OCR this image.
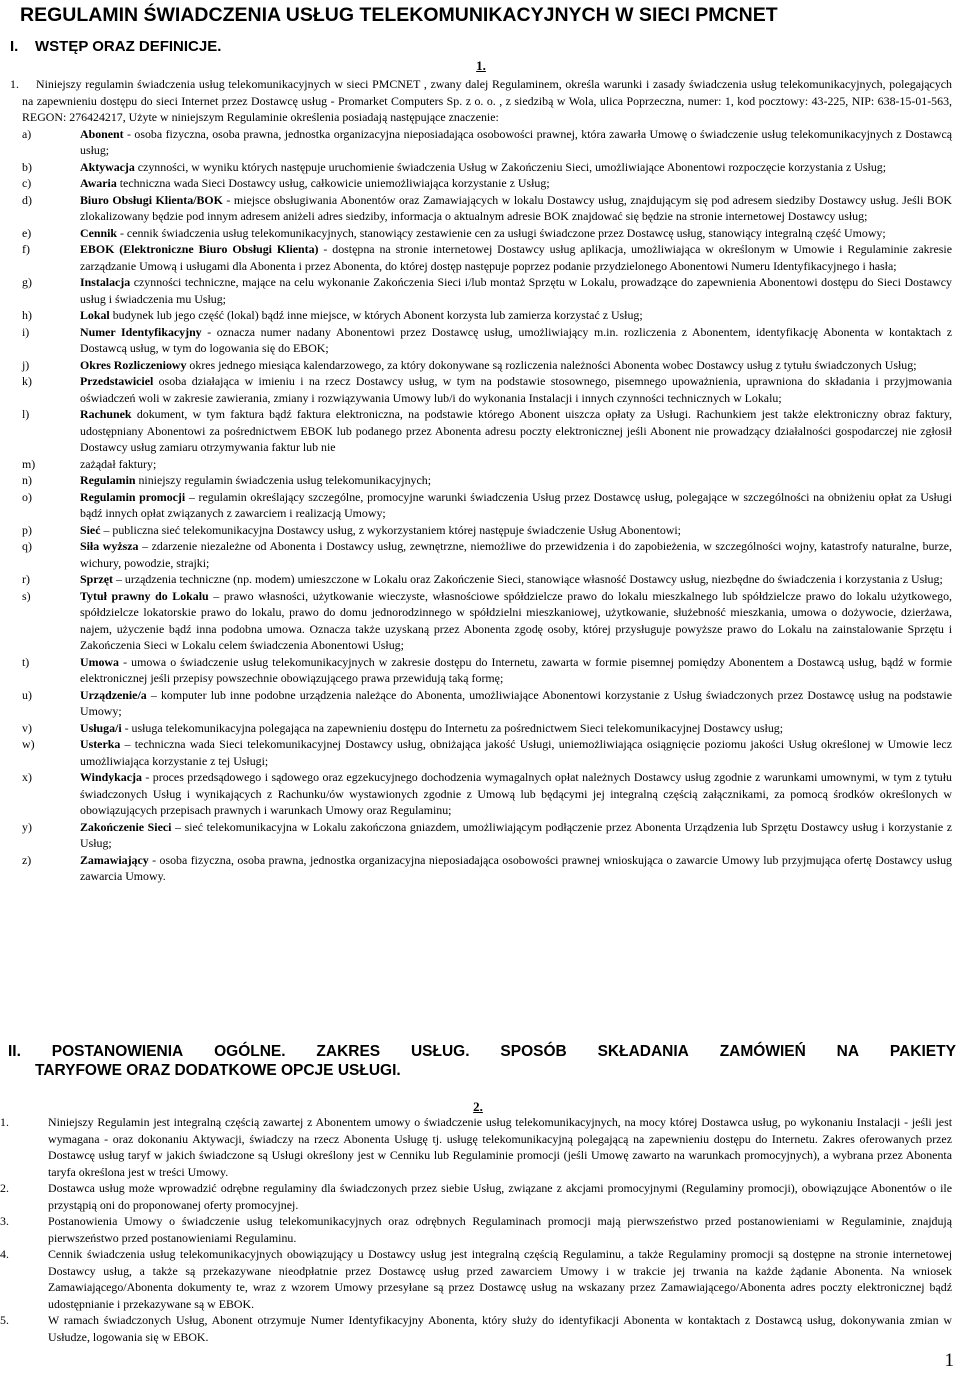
REGULAMIN ŚWIADCZENIA USŁUG TELEKOMUNIKACYJNYCH W SIECI PMCNET
I. WSTĘP ORAZ DEFINICJE.
1.

1. Niniejszy regulamin świadczenia usług telekomunikacyjnych w sieci PMCNET , zwany dalej Regulaminem, określa warunki i zasady świadczenia usług telekomunikacyjnych, polegających na zapewnieniu dostępu do sieci Internet przez Dostawcę usług - Promarket Computers Sp. z o. o. , z siedzibą w Wola, ulica Poprzeczna, numer: 1, kod pocztowy: 43-225, NIP: 638-15-01-563, REGON: 276424217, Użyte w niniejszym Regulaminie określenia posiadają następujące znaczenie:

a)	Abonent - osoba fizyczna, osoba prawna, jednostka organizacyjna nieposiadająca osobowości prawnej, która zawarła Umowę o świadczenie usług telekomunikacyjnych z Dostawcą usług;
b)	Aktywacja czynności, w wyniku których następuje uruchomienie świadczenia Usług w Zakończeniu Sieci, umożliwiające Abonentowi rozpoczęcie korzystania z Usług;
c)	Awaria techniczna wada Sieci Dostawcy usług, całkowicie uniemożliwiająca korzystanie z Usług;
d)	Biuro Obsługi Klienta/BOK - miejsce obsługiwania Abonentów oraz Zamawiających w lokalu Dostawcy usług, znajdującym się pod adresem siedziby Dostawcy usług. Jeśli BOK zlokalizowany będzie pod innym adresem aniżeli adres siedziby, informacja o aktualnym adresie BOK znajdować się będzie na stronie internetowej Dostawcy usług;
e)	Cennik - cennik świadczenia usług telekomunikacyjnych, stanowiący zestawienie cen za usługi świadczone przez Dostawcę usług, stanowiący integralną część Umowy;
f)	EBOK (Elektroniczne Biuro Obsługi Klienta) - dostępna na stronie internetowej Dostawcy usług aplikacja, umożliwiająca w określonym w Umowie i Regulaminie zakresie zarządzanie Umową i usługami dla Abonenta i przez Abonenta, do której dostęp następuje poprzez podanie przydzielonego Abonentowi Numeru Identyfikacyjnego i hasła;
g)	Instalacja czynności techniczne, mające na celu wykonanie Zakończenia Sieci i/lub montaż Sprzętu w Lokalu, prowadzące do zapewnienia Abonentowi dostępu do Sieci Dostawcy usług i świadczenia mu Usług;
h)	Lokal budynek lub jego część (lokal) bądź inne miejsce, w których Abonent korzysta lub zamierza korzystać z Usług;
i)	Numer Identyfikacyjny - oznacza numer nadany Abonentowi przez Dostawcę usług, umożliwiający m.in. rozliczenia z Abonentem, identyfikację Abonenta w kontaktach z Dostawcą usług, w tym do logowania się do EBOK;
j)	Okres Rozliczeniowy okres jednego miesiąca kalendarzowego, za który dokonywane są rozliczenia należności Abonenta wobec Dostawcy usług z tytułu świadczonych Usług;
k)	Przedstawiciel osoba działająca w imieniu i na rzecz Dostawcy usług, w tym na podstawie stosownego, pisemnego upoważnienia, uprawniona do składania i przyjmowania oświadczeń woli w zakresie zawierania, zmiany i rozwiązywania Umowy lub/i do wykonania Instalacji i innych czynności technicznych w Lokalu;
l)	Rachunek dokument, w tym faktura bądź faktura elektroniczna, na podstawie którego Abonent uiszcza opłaty za Usługi. Rachunkiem jest także elektroniczny obraz faktury, udostępniany Abonentowi za pośrednictwem EBOK lub podanego przez Abonenta adresu poczty elektronicznej jeśli Abonent nie prowadzący działalności gospodarczej nie zgłosił Dostawcy usług zamiaru otrzymywania faktur lub nie
m)	zażądał faktury;
n)	Regulamin niniejszy regulamin świadczenia usług telekomunikacyjnych;
o)	Regulamin promocji – regulamin określający szczególne, promocyjne warunki świadczenia Usług przez Dostawcę usług, polegające w szczególności na obniżeniu opłat za Usługi bądź innych opłat związanych z zawarciem i realizacją Umowy;
p)	Sieć – publiczna sieć telekomunikacyjna Dostawcy usług, z wykorzystaniem której następuje świadczenie Usług Abonentowi;
q)	Siła wyższa – zdarzenie niezależne od Abonenta i Dostawcy usług, zewnętrzne, niemożliwe do przewidzenia i do zapobieżenia, w szczególności wojny, katastrofy naturalne, burze, wichury, powodzie, strajki;
r)	Sprzęt – urządzenia techniczne (np. modem) umieszczone w Lokalu oraz Zakończenie Sieci, stanowiące własność Dostawcy usług, niezbędne do świadczenia i korzystania z Usług;
s)	Tytuł prawny do Lokalu – prawo własności, użytkowanie wieczyste, własnościowe spółdzielcze prawo do lokalu mieszkalnego lub spółdzielcze prawo do lokalu użytkowego, spółdzielcze lokatorskie prawo do lokalu, prawo do domu jednorodzinnego w spółdzielni mieszkaniowej, użytkowanie, służebność mieszkania, umowa o dożywocie, dzierżawa, najem, użyczenie bądź inna podobna umowa. Oznacza także uzyskaną przez Abonenta zgodę osoby, której przysługuje powyższe prawo do Lokalu na zainstalowanie Sprzętu i Zakończenia Sieci w Lokalu celem świadczenia Abonentowi Usług;
t)	Umowa - umowa o świadczenie usług telekomunikacyjnych w zakresie dostępu do Internetu, zawarta w formie pisemnej pomiędzy Abonentem a Dostawcą usług, bądź w formie elektronicznej jeśli przepisy powszechnie obowiązującego prawa przewidują taką formę;
u)	Urządzenie/a – komputer lub inne podobne urządzenia należące do Abonenta, umożliwiające Abonentowi korzystanie z Usług świadczonych przez Dostawcę usług na podstawie Umowy;
v)	Usługa/i - usługa telekomunikacyjna polegająca na zapewnieniu dostępu do Internetu za pośrednictwem Sieci telekomunikacyjnej Dostawcy usług;
w)	Usterka – techniczna wada Sieci telekomunikacyjnej Dostawcy usług, obniżająca jakość Usługi, uniemożliwiająca osiągnięcie poziomu jakości Usług określonej w Umowie lecz umożliwiająca korzystanie z tej Usługi;
x)	Windykacja - proces przedsądowego i sądowego oraz egzekucyjnego dochodzenia wymagalnych opłat należnych Dostawcy usług zgodnie z warunkami umownymi, w tym z tytułu świadczonych Usług i wynikających z Rachunku/ów wystawionych zgodnie z Umową lub będącymi jej integralną częścią załącznikami, za pomocą środków określonych w obowiązujących przepisach prawnych i warunkach Umowy oraz Regulaminu;
y)	Zakończenie Sieci – sieć telekomunikacyjna w Lokalu zakończona gniazdem, umożliwiającym podłączenie przez Abonenta Urządzenia lub Sprzętu Dostawcy usług i korzystanie z Usług;
z)	Zamawiający - osoba fizyczna, osoba prawna, jednostka organizacyjna nieposiadająca osobowości prawnej wnioskująca o zawarcie Umowy lub przyjmująca ofertę Dostawcy usług zawarcia Umowy.
II. POSTANOWIENIA OGÓLNE. ZAKRES USŁUG. SPOSÓB SKŁADANIA ZAMÓWIEŃ NA PAKIETY
TARYFOWE ORAZ DODATKOWE OPCJE USŁUGI.
2.

1.	Niniejszy Regulamin jest integralną częścią zawartej z Abonentem umowy o świadczenie usług telekomunikacyjnych, na mocy której Dostawca usług, po wykonaniu Instalacji - jeśli jest wymagana - oraz dokonaniu Aktywacji, świadczy na rzecz Abonenta Usługę tj. usługę telekomunikacyjną polegającą na zapewnieniu dostępu do Internetu. Zakres oferowanych przez Dostawcę usług taryf w jakich świadczone są Usługi określony jest w Cenniku lub Regulaminie promocji (jeśli Umowę zawarto na warunkach promocyjnych), a wybrana przez Abonenta taryfa określona jest w treści Umowy.

2.	Dostawca usług może wprowadzić odrębne regulaminy dla świadczonych przez siebie Usług, związane z akcjami promocyjnymi (Regulaminy promocji), obowiązujące Abonentów o ile przystąpią oni do proponowanej oferty promocyjnej.

3.	Postanowienia Umowy o świadczenie usług telekomunikacyjnych oraz odrębnych Regulaminach promocji mają pierwszeństwo przed postanowieniami w Regulaminie, znajdują pierwszeństwo przed postanowieniami Regulaminu.

4.	Cennik świadczenia usług telekomunikacyjnych obowiązujący u Dostawcy usług jest integralną częścią Regulaminu, a także Regulaminy promocji są dostępne na stronie internetowej Dostawcy usług, a także są przekazywane nieodpłatnie przez Dostawcę usług przed zawarciem Umowy i w trakcie jej trwania na każde żądanie Abonenta. Na wniosek Zamawiającego/Abonenta dokumenty te, wraz z wzorem Umowy przesyłane są przez Dostawcę usług na wskazany przez Zamawiającego/Abonenta adres poczty elektronicznej bądź udostępnianie i przekazywane są w EBOK.

5.	W ramach świadczonych Usług, Abonent otrzymuje Numer Identyfikacyjny Abonenta, który służy do identyfikacji Abonenta w kontaktach z Dostawcą usług, dokonywania zmian w Usłudze, logowania się w EBOK.

1
